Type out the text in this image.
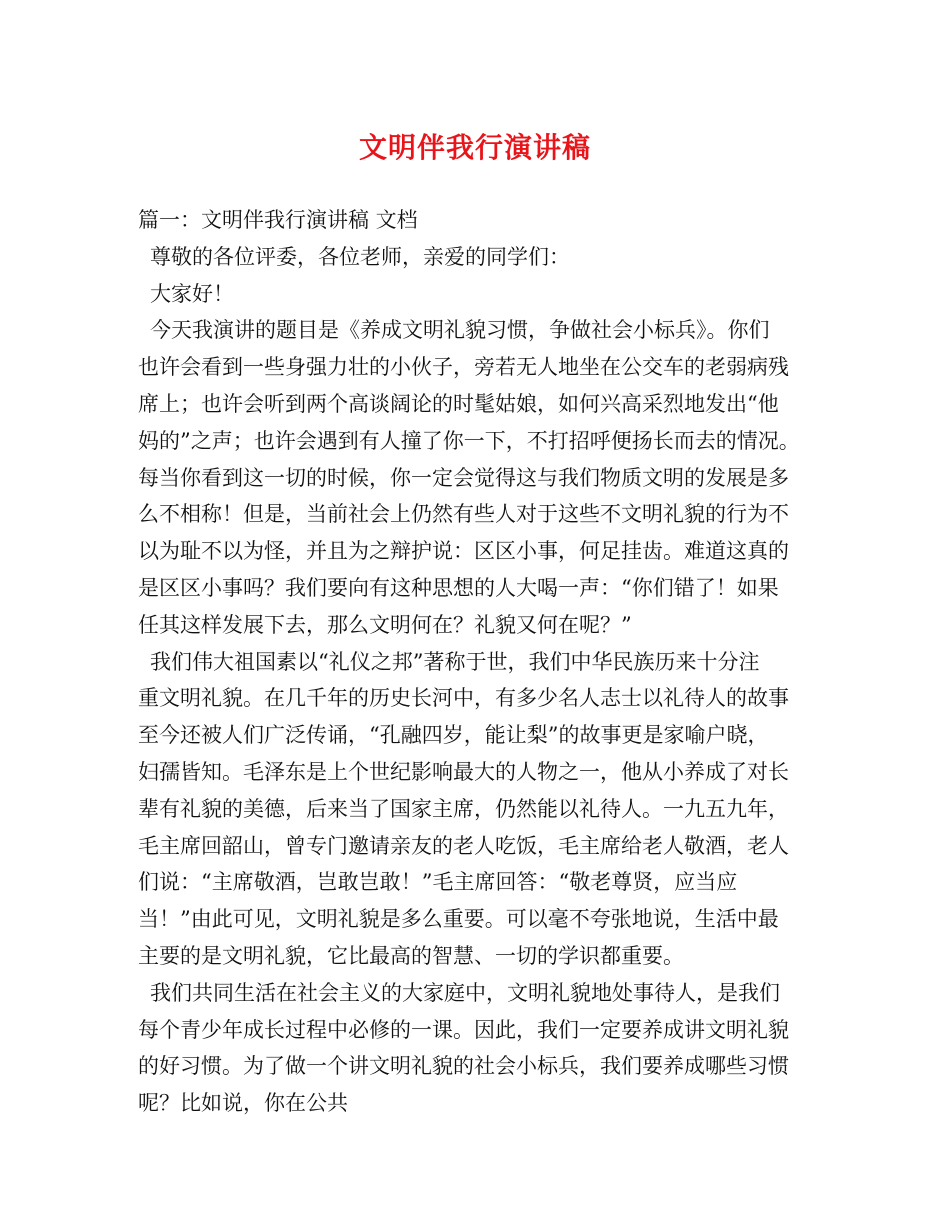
文明伴我行演讲稿
篇一：文明伴我行演讲稿 文档
尊敬的各位评委，各位老师，亲爱的同学们：
大家好！
今天我演讲的题目是《养成文明礼貌习惯，争做社会小标兵》。你们
也许会看到一些身强力壮的小伙子，旁若无人地坐在公交车的老弱病残
席上；也许会听到两个高谈阔论的时髦姑娘，如何兴高采烈地发出“他
妈的”之声；也许会遇到有人撞了你一下，不打招呼便扬长而去的情况。
每当你看到这一切的时候，你一定会觉得这与我们物质文明的发展是多
么不相称！但是，当前社会上仍然有些人对于这些不文明礼貌的行为不
以为耻不以为怪，并且为之辩护说：区区小事，何足挂齿。难道这真的
是区区小事吗？我们要向有这种思想的人大喝一声：“你们错了！如果
任其这样发展下去，那么文明何在？礼貌又何在呢？”
我们伟大祖国素以“礼仪之邦”著称于世，我们中华民族历来十分注
重文明礼貌。在几千年的历史长河中，有多少名人志士以礼待人的故事
至今还被人们广泛传诵，“孔融四岁，能让梨”的故事更是家喻户晓，
妇孺皆知。毛泽东是上个世纪影响最大的人物之一，他从小养成了对长
辈有礼貌的美德，后来当了国家主席，仍然能以礼待人。一九五九年，
毛主席回韶山，曾专门邀请亲友的老人吃饭，毛主席给老人敬酒，老人
们说：“主席敬酒，岂敢岂敢！”毛主席回答：“敬老尊贤，应当应
当！”由此可见，文明礼貌是多么重要。可以毫不夸张地说，生活中最
主要的是文明礼貌，它比最高的智慧、一切的学识都重要。
我们共同生活在社会主义的大家庭中，文明礼貌地处事待人，是我们
每个青少年成长过程中必修的一课。因此，我们一定要养成讲文明礼貌
的好习惯。为了做一个讲文明礼貌的社会小标兵，我们要养成哪些习惯
呢？比如说，你在公共
